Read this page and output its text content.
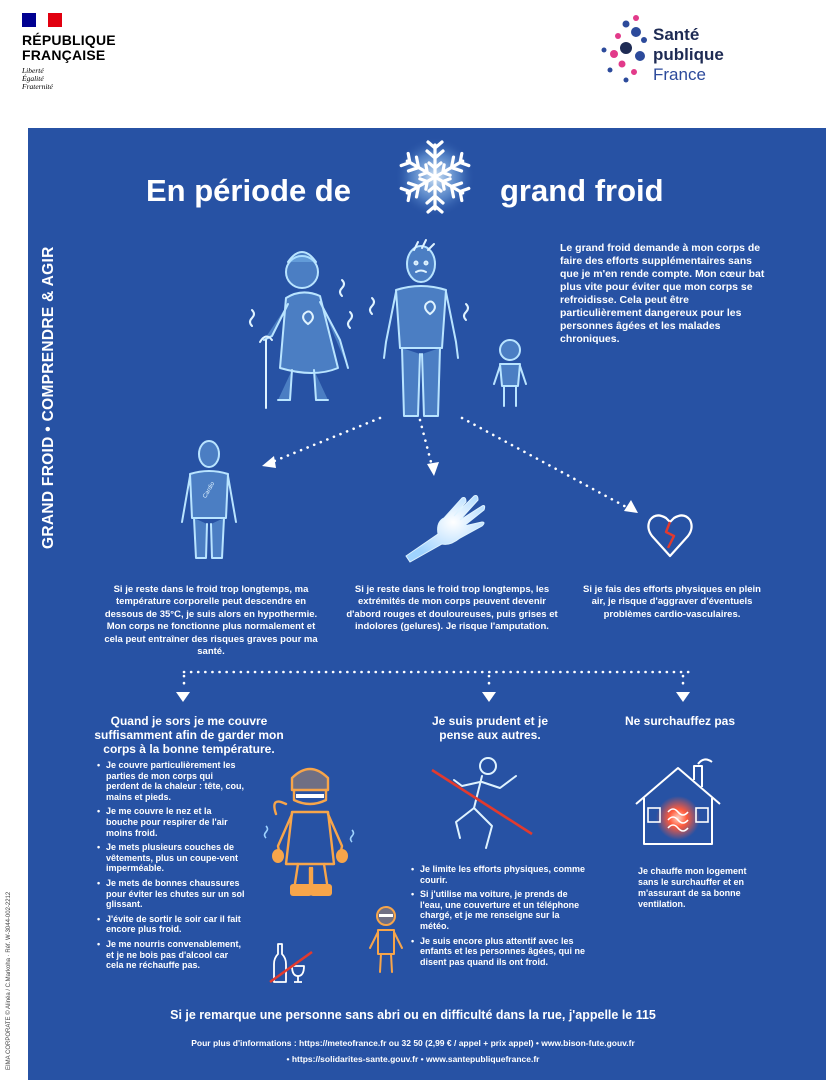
RÉPUBLIQUE
FRANÇAISE
Liberté
Égalité
Fraternité
Santé
publique
France
EIMA CORPORATE © Alinéa / C.Markoha · Réf. W-3044-002-2212
En période de	grand froid
GRAND FROID • COMPRENDRE & AGIR	Le grand froid demande à mon corps de faire des efforts supplémentaires sans que je m'en rende compte. Mon cœur bat plus vite pour éviter que mon corps se refroidisse. Cela peut être particulièrement dangereux pour les personnes âgées et les malades chroniques.
Cardio
Si je reste dans le froid trop longtemps, ma température corporelle peut descendre en dessous de 35°C, je suis alors en hypothermie. Mon corps ne fonctionne plus normalement et cela peut entraîner des risques graves pour ma santé.
Si je reste dans le froid trop longtemps, les extrémités de mon corps peuvent devenir d'abord rouges et douloureuses, puis grises et indolores (gelures). Je risque l'amputation.
Si je fais des efforts physiques en plein air, je risque d'aggraver d'éventuels problèmes cardio-vasculaires.
Quand je sors je me couvre suffisamment afin de garder mon corps à la bonne température.
• Je couvre particulièrement les parties de mon corps qui perdent de la chaleur : tête, cou, mains et pieds.
• Je me couvre le nez et la bouche pour respirer de l'air moins froid.
• Je mets plusieurs couches de vêtements, plus un coupe-vent imperméable.
• Je mets de bonnes chaussures pour éviter les chutes sur un sol glissant.
• J'évite de sortir le soir car il fait encore plus froid.
• Je me nourris convenablement, et je ne bois pas d'alcool car cela ne réchauffe pas.
Je suis prudent et je pense aux autres.
• Je limite les efforts physiques, comme courir.
• Si j'utilise ma voiture, je prends de l'eau, une couverture et un téléphone chargé, et je me renseigne sur la météo.
• Je suis encore plus attentif avec les enfants et les personnes âgées, qui ne disent pas quand ils ont froid.
Ne surchauffez pas
Je chauffe mon logement sans le surchauffer et en m'assurant de sa bonne ventilation.
Si je remarque une personne sans abri ou en difficulté dans la rue, j'appelle le 115
Pour plus d'informations : https://meteofrance.fr ou 32 50 (2,99 € / appel + prix appel) • www.bison-fute.gouv.fr
• https://solidarites-sante.gouv.fr • www.santepubliquefrance.fr
